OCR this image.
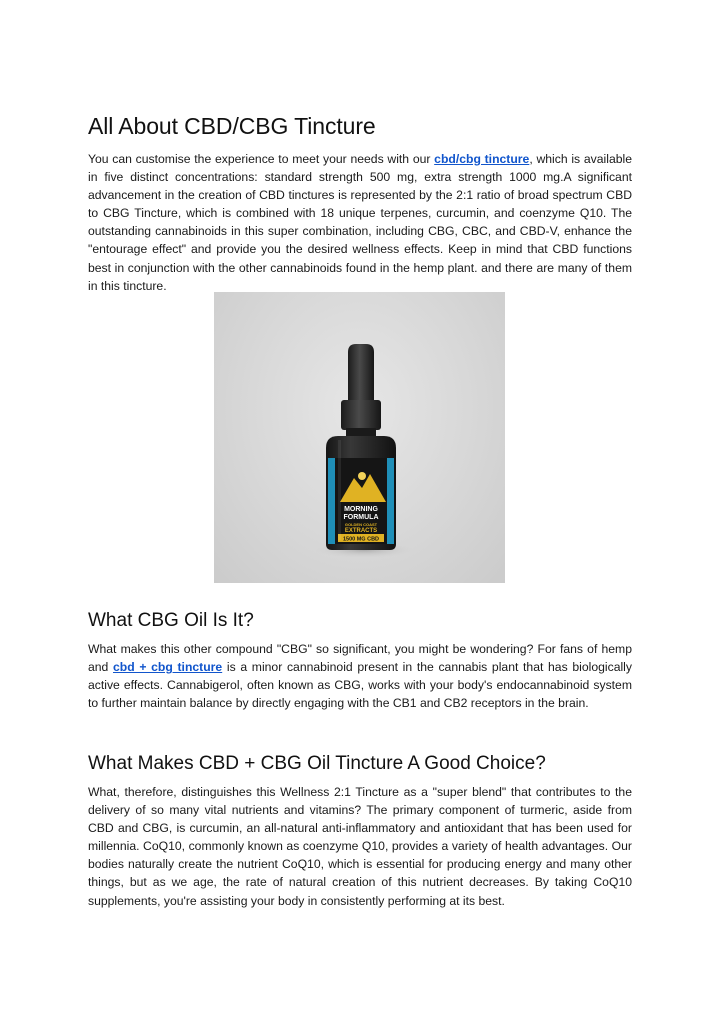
All About CBD/CBG Tincture

You can customise the experience to meet your needs with our cbd/cbg tincture, which is available in five distinct concentrations: standard strength 500 mg, extra strength 1000 mg.A significant advancement in the creation of CBD tinctures is represented by the 2:1 ratio of broad spectrum CBD to CBG Tincture, which is combined with 18 unique terpenes, curcumin, and coenzyme Q10. The outstanding cannabinoids in this super combination, including CBG, CBC, and CBD-V, enhance the "entourage effect" and provide you the desired wellness effects. Keep in mind that CBD functions best in conjunction with the other cannabinoids found in the hemp plant. and there are many of them in this tincture.

MORNING
FORMULA
GOLDEN COAST
EXTRACTS
1500 MG CBD
What CBG Oil Is It?

What makes this other compound "CBG" so significant, you might be wondering? For fans of hemp and cbd + cbg tincture is a minor cannabinoid present in the cannabis plant that has biologically active effects. Cannabigerol, often known as CBG, works with your body's endocannabinoid system to further maintain balance by directly engaging with the CB1 and CB2 receptors in the brain.

What Makes CBD + CBG Oil Tincture A Good Choice?

What, therefore, distinguishes this Wellness 2:1 Tincture as a "super blend" that contributes to the delivery of so many vital nutrients and vitamins? The primary component of turmeric, aside from CBD and CBG, is curcumin, an all-natural anti-inflammatory and antioxidant that has been used for millennia. CoQ10, commonly known as coenzyme Q10, provides a variety of health advantages. Our bodies naturally create the nutrient CoQ10, which is essential for producing energy and many other things, but as we age, the rate of natural creation of this nutrient decreases. By taking CoQ10 supplements, you're assisting your body in consistently performing at its best.
